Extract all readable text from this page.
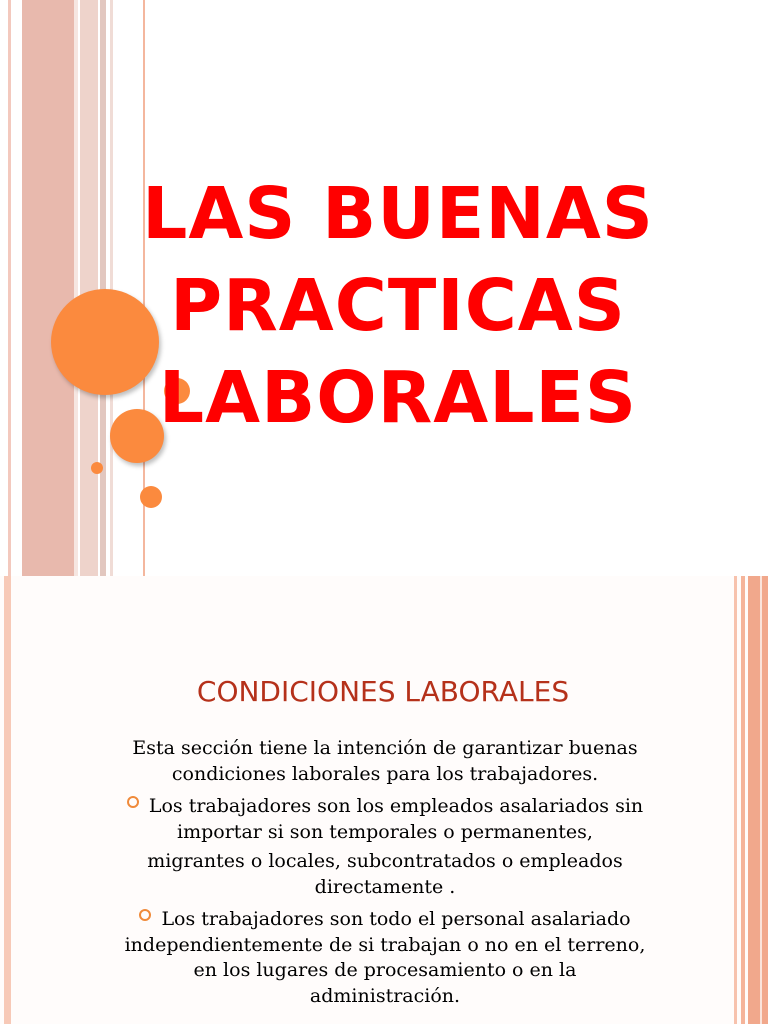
LAS BUENAS
PRACTICAS
LABORALES
CONDICIONES LABORALES

Esta sección tiene la intención de garantizar buenas condiciones laborales para los trabajadores.

Los trabajadores son los empleados asalariados sin importar si son temporales o permanentes,

migrantes o locales, subcontratados o empleados directamente .

Los trabajadores son todo el personal asalariado independientemente de si trabajan o no en el terreno, en los lugares de procesamiento o en la administración.
